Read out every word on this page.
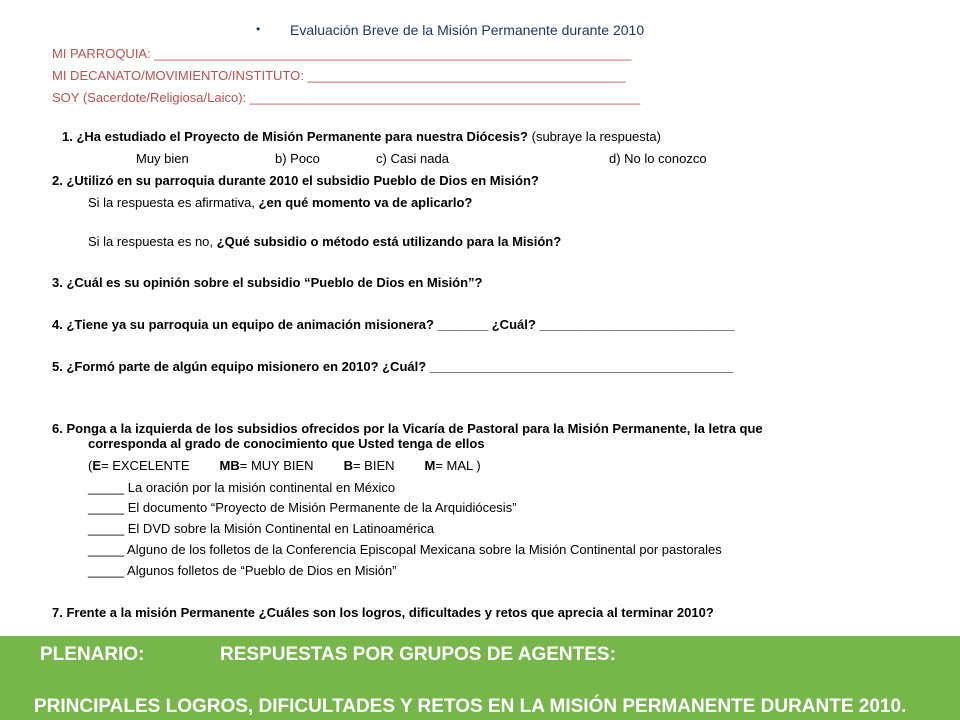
• Evaluación Breve de la Misión Permanente durante 2010
MI PARROQUIA: __________________________________________________________________
MI DECANATO/MOVIMIENTO/INSTITUTO: ____________________________________________
SOY (Sacerdote/Religiosa/Laico): ______________________________________________________
1. ¿Ha estudiado el Proyecto de Misión Permanente para nuestra Diócesis? (subraye la respuesta)
Muy bien	b) Poco	c) Casi nada	d) No lo conozco
2. ¿Utilizó en su parroquia durante 2010 el subsidio Pueblo de Dios en Misión?
Si la respuesta es afirmativa, ¿en qué momento va de aplicarlo?
Si la respuesta es no, ¿Qué subsidio o método está utilizando para la Misión?
3. ¿Cuál es su opinión sobre el subsidio “Pueblo de Dios en Misión”?
4. ¿Tiene ya su parroquia un equipo de animación misionera? _______ ¿Cuál? ___________________________
5. ¿Formó parte de algún equipo misionero en 2010? ¿Cuál? __________________________________________
6. Ponga a la izquierda de los subsidios ofrecidos por la Vicaría de Pastoral para la Misión Permanente, la letra que
corresponda al grado de conocimiento que Usted tenga de ellos
(E= EXCELENTE MB= MUY BIEN B= BIEN M= MAL )
_____ La oración por la misión continental en México
_____ El documento “Proyecto de Misión Permanente de la Arquidiócesis”
_____ El DVD sobre la Misión Continental en Latinoamérica
_____ Alguno de los folletos de la Conferencia Episcopal Mexicana sobre la Misión Continental por pastorales
_____ Algunos folletos de “Pueblo de Dios en Misión”
7. Frente a la misión Permanente ¿Cuáles son los logros, dificultades y retos que aprecia al terminar 2010?
PLENARIO:	RESPUESTAS POR GRUPOS DE AGENTES:
PRINCIPALES LOGROS, DIFICULTADES Y RETOS EN LA MISIÓN PERMANENTE DURANTE 2010.
